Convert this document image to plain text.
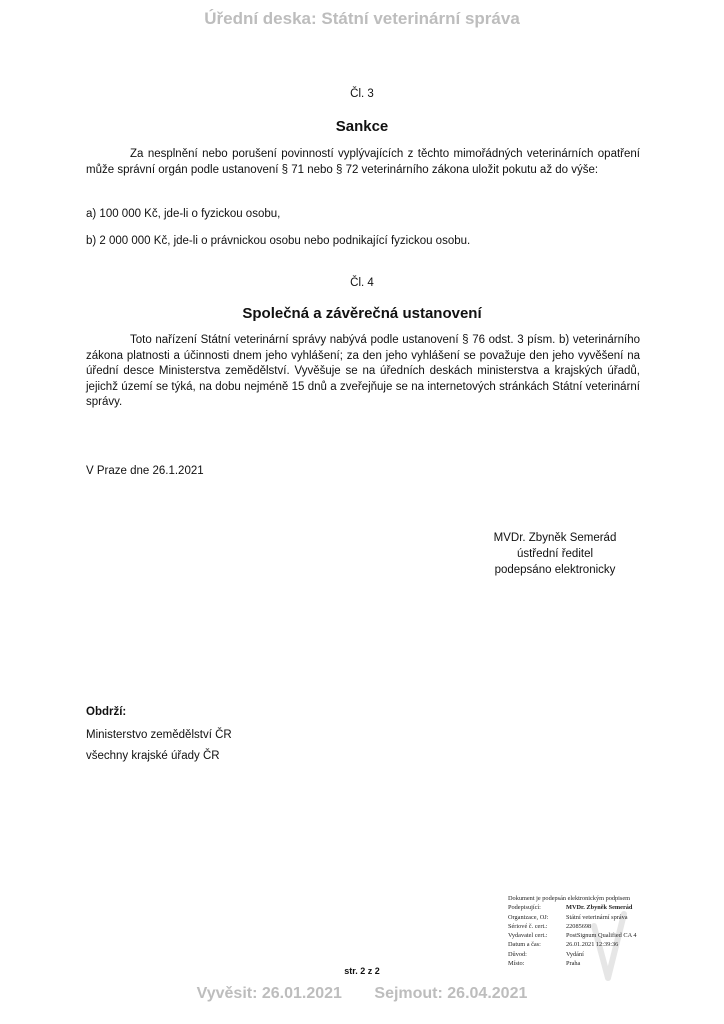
Úřední deska: Státní veterinární správa
Čl. 3
Sankce
Za nesplnění nebo porušení povinností vyplývajících z těchto mimořádných veterinárních opatření může správní orgán podle ustanovení § 71 nebo § 72 veterinárního zákona uložit pokutu až do výše:
a) 100 000 Kč, jde-li o fyzickou osobu,
b) 2 000 000 Kč, jde-li o právnickou osobu nebo podnikající fyzickou osobu.
Čl. 4
Společná a závěrečná ustanovení
Toto nařízení Státní veterinární správy nabývá podle ustanovení § 76 odst. 3 písm. b) veterinárního zákona platnosti a účinnosti dnem jeho vyhlášení; za den jeho vyhlášení se považuje den jeho vyvěšení na úřední desce Ministerstva zemědělství. Vyvěšuje se na úředních deskách ministerstva a krajských úřadů, jejichž území se týká, na dobu nejméně 15 dnů a zveřejňuje se na internetových stránkách Státní veterinární správy.
V Praze dne 26.1.2021
MVDr. Zbyněk Semerád
ústřední ředitel
podepsáno elektronicky
Obdrží:
Ministerstvo zemědělství ČR
všechny krajské úřady ČR
Dokument je podepsán elektronickým podpisem
Podepisující:	MVDr. Zbyněk Semerád
Organizace, OJ:	Státní veterinární správa
Sériové č. cert.:	22085698
Vydavatel cert.:	PostSignum Qualified CA 4
Datum a čas:	26.01.2021 12:39:36
Důvod:	Vydání
Místo:	Praha
str. 2 z 2
Vyvěsit: 26.01.2021 Sejmout: 26.04.2021
